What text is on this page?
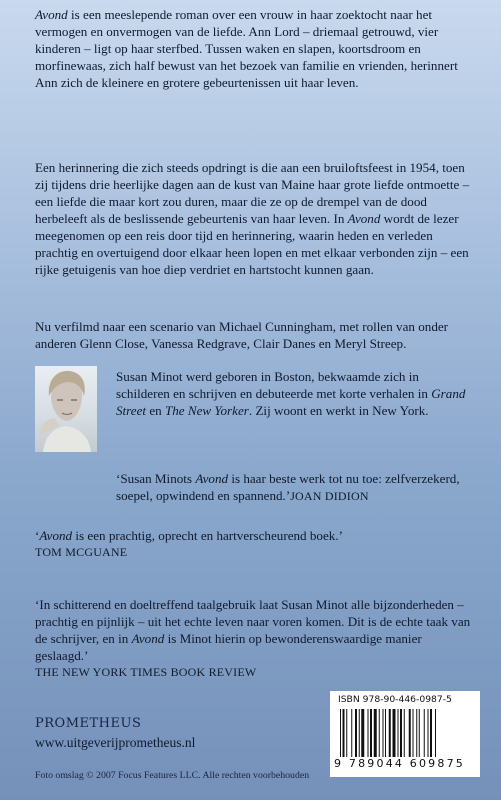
Avond is een meeslepende roman over een vrouw in haar zoektocht naar het vermogen en onvermogen van de liefde. Ann Lord – driemaal getrouwd, vier kinderen – ligt op haar sterfbed. Tussen waken en slapen, koortsdroom en morfinewaas, zich half bewust van het bezoek van familie en vrienden, herinnert Ann zich de kleinere en grotere gebeurtenissen uit haar leven.

Een herinnering die zich steeds opdringt is die aan een bruiloftsfeest in 1954, toen zij tijdens drie heerlijke dagen aan de kust van Maine haar grote liefde ontmoette – een liefde die maar kort zou duren, maar die ze op de drempel van de dood herbeleeft als de beslissende gebeurtenis van haar leven. In Avond wordt de lezer meegenomen op een reis door tijd en herinnering, waarin heden en verleden prachtig en overtuigend door elkaar heen lopen en met elkaar verbonden zijn – een rijke getuigenis van hoe diep verdriet en hartstocht kunnen gaan.

Nu verfilmd naar een scenario van Michael Cunningham, met rollen van onder anderen Glenn Close, Vanessa Redgrave, Clair Danes en Meryl Streep.

Susan Minot werd geboren in Boston, bekwaamde zich in schilderen en schrijven en debuteerde met korte verhalen in Grand Street en The New Yorker. Zij woont en werkt in New York.
‘Susan Minots Avond is haar beste werk tot nu toe: zelfverzekerd, soepel, opwindend en spannend.’JOAN DIDION

‘Avond is een prachtig, oprecht en hartverscheurend boek.’

TOM MCGUANE

‘In schitterend en doeltreffend taalgebruik laat Susan Minot alle bijzonderheden – prachtig en pijnlijk – uit het echte leven naar voren komen. Dit is de echte taak van de schrijver, en in Avond is Minot hierin op bewonderenswaardige manier geslaagd.’

THE NEW YORK TIMES BOOK REVIEW

ISBN 978-90-446-0987-5
9 789044 609875
PROMETHEUS
www.uitgeverijprometheus.nl
Foto omslag © 2007 Focus Features LLC. Alle rechten voorbehouden
